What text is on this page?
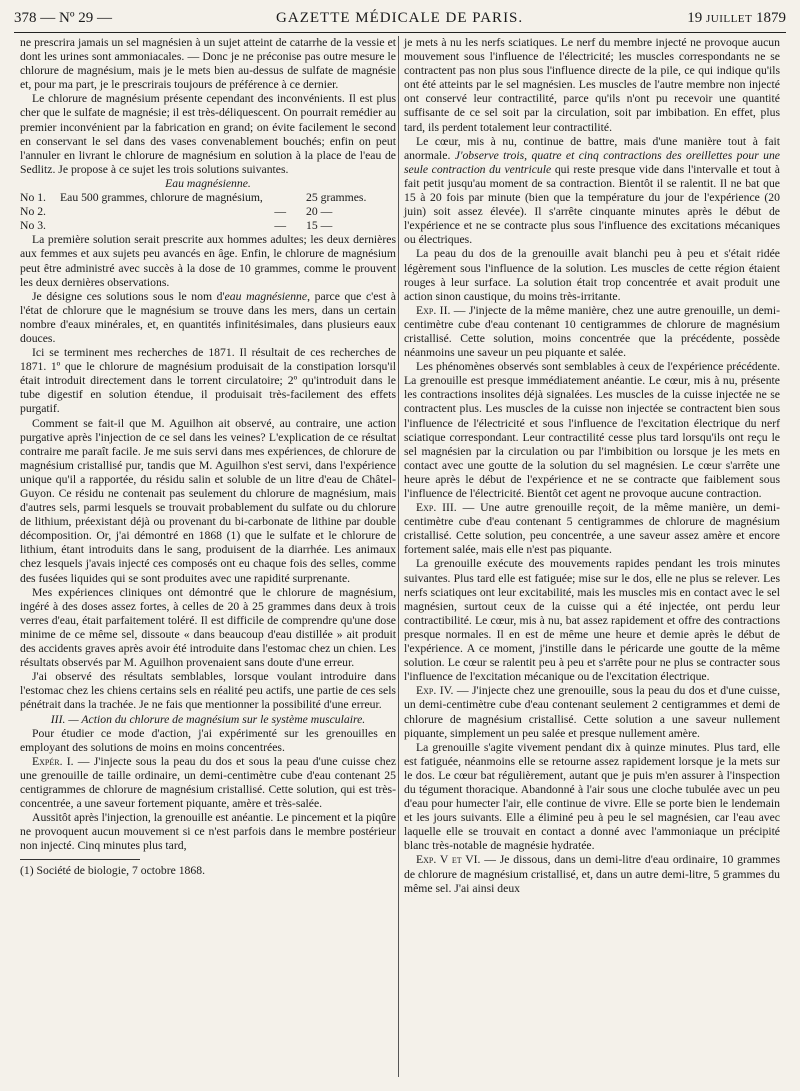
378 — Nº 29 —	GAZETTE MÉDICALE DE PARIS.	19 JUILLET 1879

ne prescrira jamais un sel magnésien à un sujet atteint de catarrhe de la vessie et dont les urines sont ammoniacales. — Donc je ne préconise pas outre mesure le chlorure de magnésium, mais je le mets bien au-dessus de sulfate de magnésie et, pour ma part, je le prescrirais toujours de préférence à ce dernier.

Le chlorure de magnésium présente cependant des inconvénients. Il est plus cher que le sulfate de magnésie; il est très-déliquescent. On pourrait remédier au premier inconvénient par la fabrication en grand; on évite facilement le second en conservant le sel dans des vases convenablement bouchés; enfin on peut l'annuler en livrant le chlorure de magnésium en solution à la place de l'eau de Sedlitz. Je propose à ce sujet les trois solutions suivantes.

Eau magnésienne.

No 1.	Eau 500 grammes, chlorure de magnésium,	25 grammes.
No 2.	—	20 —
No 3.	—	15 —

La première solution serait prescrite aux hommes adultes; les deux dernières aux femmes et aux sujets peu avancés en âge. Enfin, le chlorure de magnésium peut être administré avec succès à la dose de 10 grammes, comme le prouvent les deux dernières observations.

Je désigne ces solutions sous le nom d'eau magnésienne, parce que c'est à l'état de chlorure que le magnésium se trouve dans les mers, dans un certain nombre d'eaux minérales, et, en quantités infinitésimales, dans plusieurs eaux douces.

Ici se terminent mes recherches de 1871. Il résultait de ces recherches de 1871. 1º que le chlorure de magnésium produisait de la constipation lorsqu'il était introduit directement dans le torrent circulatoire; 2º qu'introduit dans le tube digestif en solution étendue, il produisait très-facilement des effets purgatif.

Comment se fait-il que M. Aguilhon ait observé, au contraire, une action purgative après l'injection de ce sel dans les veines? L'explication de ce résultat contraire me paraît facile. Je me suis servi dans mes expériences, de chlorure de magnésium cristallisé pur, tandis que M. Aguilhon s'est servi, dans l'expérience unique qu'il a rapportée, du résidu salin et soluble de un litre d'eau de Châtel-Guyon. Ce résidu ne contenait pas seulement du chlorure de magnésium, mais d'autres sels, parmi lesquels se trouvait probablement du sulfate ou du chlorure de lithium, préexistant déjà ou provenant du bi-carbonate de lithine par double décomposition. Or, j'ai démontré en 1868 (1) que le sulfate et le chlorure de lithium, étant introduits dans le sang, produisent de la diarrhée. Les animaux chez lesquels j'avais injecté ces composés ont eu chaque fois des selles, comme des fusées liquides qui se sont produites avec une rapidité surprenante.

Mes expériences cliniques ont démontré que le chlorure de magnésium, ingéré à des doses assez fortes, à celles de 20 à 25 grammes dans deux à trois verres d'eau, était parfaitement toléré. Il est difficile de comprendre qu'une dose minime de ce même sel, dissoute « dans beaucoup d'eau distillée » ait produit des accidents graves après avoir été introduite dans l'estomac chez un chien. Les résultats observés par M. Aguilhon provenaient sans doute d'une erreur.

J'ai observé des résultats semblables, lorsque voulant introduire dans l'estomac chez les chiens certains sels en réalité peu actifs, une partie de ces sels pénétrait dans la trachée. Je ne fais que mentionner la possibilité d'une erreur.

III. — Action du chlorure de magnésium sur le système musculaire.

Pour étudier ce mode d'action, j'ai expérimenté sur les grenouilles en employant des solutions de moins en moins concentrées.

Expér. I. — J'injecte sous la peau du dos et sous la peau d'une cuisse chez une grenouille de taille ordinaire, un demi-centimètre cube d'eau contenant 25 centigrammes de chlorure de magnésium cristallisé. Cette solution, qui est très-concentrée, a une saveur fortement piquante, amère et très-salée.

Aussitôt après l'injection, la grenouille est anéantie. Le pincement et la piqûre ne provoquent aucun mouvement si ce n'est parfois dans le membre postérieur non injecté. Cinq minutes plus tard,

(1) Société de biologie, 7 octobre 1868.

je mets à nu les nerfs sciatiques. Le nerf du membre injecté ne provoque aucun mouvement sous l'influence de l'électricité; les muscles correspondants ne se contractent pas non plus sous l'influence directe de la pile, ce qui indique qu'ils ont été atteints par le sel magnésien. Les muscles de l'autre membre non injecté ont conservé leur contractilité, parce qu'ils n'ont pu recevoir une quantité suffisante de ce sel soit par la circulation, soit par imbibation. En effet, plus tard, ils perdent totalement leur contractilité.

Le cœur, mis à nu, continue de battre, mais d'une manière tout à fait anormale. J'observe trois, quatre et cinq contractions des oreillettes pour une seule contraction du ventricule qui reste presque vide dans l'intervalle et tout à fait petit jusqu'au moment de sa contraction. Bientôt il se ralentit. Il ne bat que 15 à 20 fois par minute (bien que la température du jour de l'expérience (20 juin) soit assez élevée). Il s'arrête cinquante minutes après le début de l'expérience et ne se contracte plus sous l'influence des excitations mécaniques ou électriques.

La peau du dos de la grenouille avait blanchi peu à peu et s'était ridée légèrement sous l'influence de la solution. Les muscles de cette région étaient rouges à leur surface. La solution était trop concentrée et avait produit une action sinon caustique, du moins très-irritante.

Exp. II. — J'injecte de la même manière, chez une autre grenouille, un demi-centimètre cube d'eau contenant 10 centigrammes de chlorure de magnésium cristallisé. Cette solution, moins concentrée que la précédente, possède néanmoins une saveur un peu piquante et salée.

Les phénomènes observés sont semblables à ceux de l'expérience précédente. La grenouille est presque immédiatement anéantie. Le cœur, mis à nu, présente les contractions insolites déjà signalées. Les muscles de la cuisse injectée ne se contractent plus. Les muscles de la cuisse non injectée se contractent bien sous l'influence de l'électricité et sous l'influence de l'excitation électrique du nerf sciatique correspondant. Leur contractilité cesse plus tard lorsqu'ils ont reçu le sel magnésien par la circulation ou par l'imbibition ou lorsque je les mets en contact avec une goutte de la solution du sel magnésien. Le cœur s'arrête une heure après le début de l'expérience et ne se contracte que faiblement sous l'influence de l'électricité. Bientôt cet agent ne provoque aucune contraction.

Exp. III. — Une autre grenouille reçoit, de la même manière, un demi-centimètre cube d'eau contenant 5 centigrammes de chlorure de magnésium cristallisé. Cette solution, peu concentrée, a une saveur assez amère et encore fortement salée, mais elle n'est pas piquante.

La grenouille exécute des mouvements rapides pendant les trois minutes suivantes. Plus tard elle est fatiguée; mise sur le dos, elle ne plus se relever. Les nerfs sciatiques ont leur excitabilité, mais les muscles mis en contact avec le sel magnésien, surtout ceux de la cuisse qui a été injectée, ont perdu leur contractibilité. Le cœur, mis à nu, bat assez rapidement et offre des contractions presque normales. Il en est de même une heure et demie après le début de l'expérience. A ce moment, j'instille dans le péricarde une goutte de la même solution. Le cœur se ralentit peu à peu et s'arrête pour ne plus se contracter sous l'influence de l'excitation mécanique ou de l'excitation électrique.

Exp. IV. — J'injecte chez une grenouille, sous la peau du dos et d'une cuisse, un demi-centimètre cube d'eau contenant seulement 2 centigrammes et demi de chlorure de magnésium cristallisé. Cette solution a une saveur nullement piquante, simplement un peu salée et presque nullement amère.

La grenouille s'agite vivement pendant dix à quinze minutes. Plus tard, elle est fatiguée, néanmoins elle se retourne assez rapidement lorsque je la mets sur le dos. Le cœur bat régulièrement, autant que je puis m'en assurer à l'inspection du tégument thoracique. Abandonné à l'air sous une cloche tubulée avec un peu d'eau pour humecter l'air, elle continue de vivre. Elle se porte bien le lendemain et les jours suivants. Elle a éliminé peu à peu le sel magnésien, car l'eau avec laquelle elle se trouvait en contact a donné avec l'ammoniaque un précipité blanc très-notable de magnésie hydratée.

Exp. V et VI. — Je dissous, dans un demi-litre d'eau ordinaire, 10 grammes de chlorure de magnésium cristallisé, et, dans un autre demi-litre, 5 grammes du même sel. J'ai ainsi deux
